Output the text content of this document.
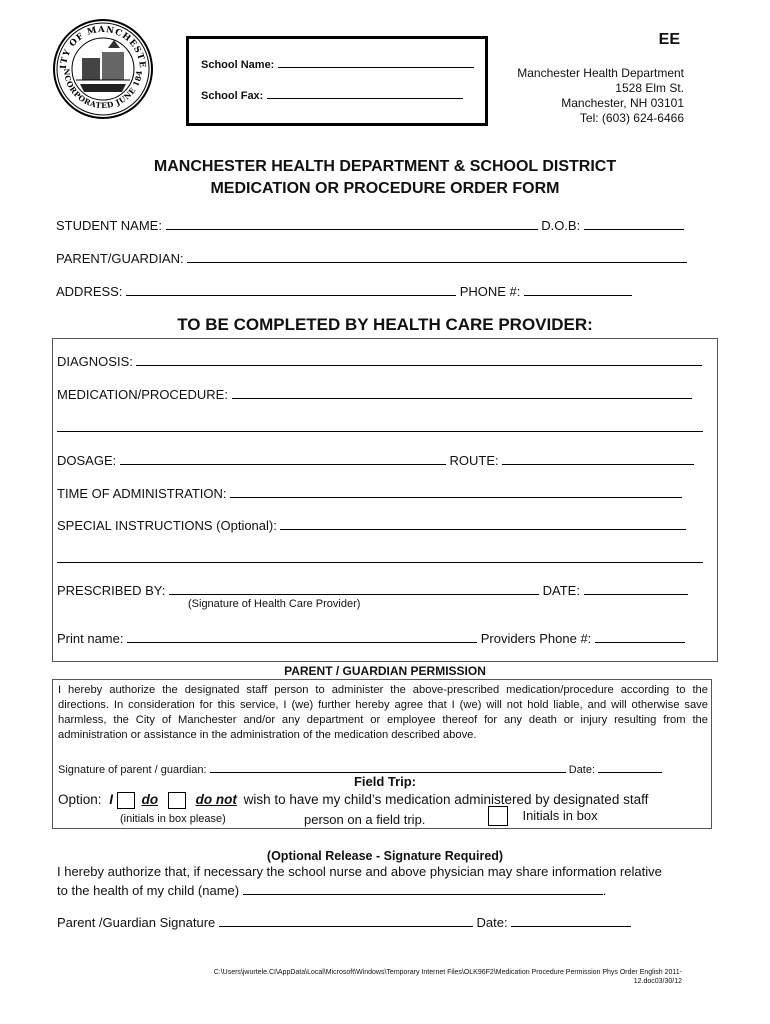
ITY OF MANCHESTE
NCORPORATED JUNE 184
School Name:
School Fax:
EE
Manchester Health Department
1528 Elm St.
Manchester, NH 03101
Tel: (603) 624-6466
MANCHESTER HEALTH DEPARTMENT & SCHOOL DISTRICT
MEDICATION OR PROCEDURE ORDER FORM
STUDENT NAME:	D.O.B:
PARENT/GUARDIAN:
ADDRESS:	PHONE #:
TO BE COMPLETED BY HEALTH CARE PROVIDER:
DIAGNOSIS:
MEDICATION/PROCEDURE:
DOSAGE:	ROUTE:
TIME OF ADMINISTRATION:
SPECIAL INSTRUCTIONS (Optional):
PRESCRIBED BY:	DATE:
(Signature of Health Care Provider)
Print name:	Providers Phone #:
PARENT / GUARDIAN PERMISSION
I hereby authorize the designated staff person to administer the above-prescribed medication/procedure according to the directions. In consideration for this service, I (we) further hereby agree that I (we) will not hold liable, and will otherwise save harmless, the City of Manchester and/or any department or employee thereof for any death or injury resulting from the administration or assistance in the administration of the medication described above.
Signature of parent / guardian:	Date:
Field Trip:
Option: I do	do not wish to have my child’s medication administered by designated staff
(initials in box please)	person on a field trip.	Initials in box
(Optional Release - Signature Required)
I hereby authorize that, if necessary the school nurse and above physician may share information relative
to the health of my child (name)	.
Parent /Guardian Signature	Date:
C:\Users\jwurtele.CI\AppData\Local\Microsoft\Windows\Temporary Internet Files\OLK96F2\Medication Procedure Permission Phys Order English 2011-
12.doc03/30/12
